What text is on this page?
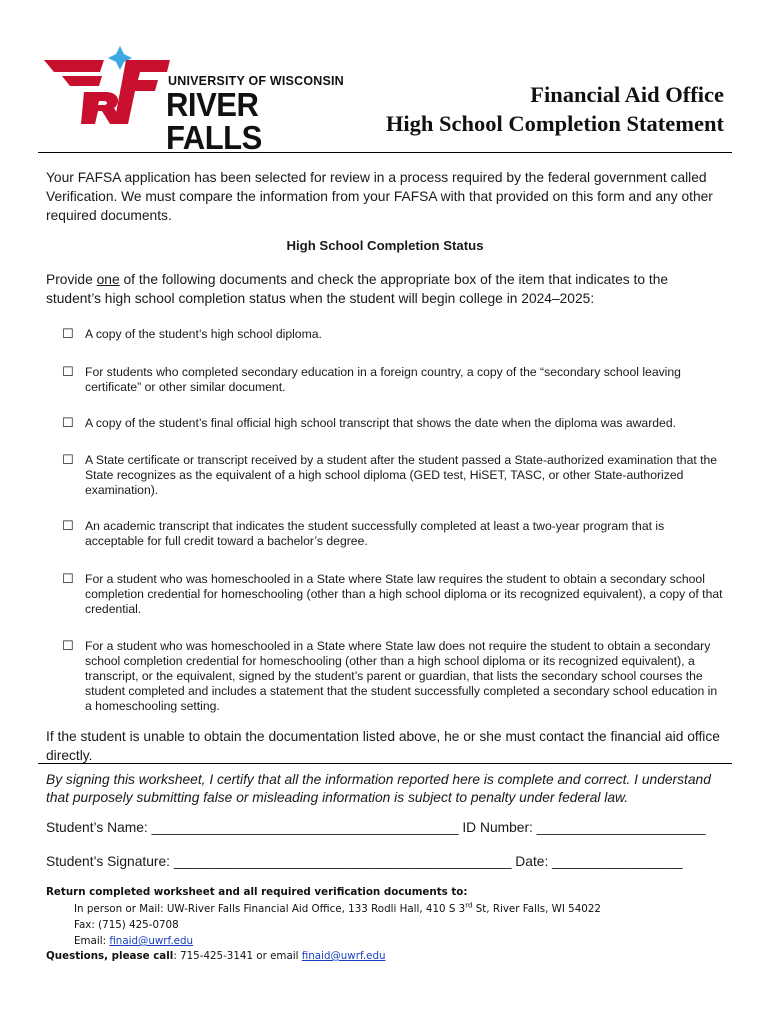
UNIVERSITY OF WISCONSIN
RIVER FALLS
Financial Aid Office
High School Completion Statement
Your FAFSA application has been selected for review in a process required by the federal government called Verification. We must compare the information from your FAFSA with that provided on this form and any other required documents.
High School Completion Status
Provide one of the following documents and check the appropriate box of the item that indicates to the student’s high school completion status when the student will begin college in 2024–2025:
☐ A copy of the student’s high school diploma.
☐ For students who completed secondary education in a foreign country, a copy of the “secondary school leaving certificate” or other similar document.
☐ A copy of the student’s final official high school transcript that shows the date when the diploma was awarded.
☐ A State certificate or transcript received by a student after the student passed a State-authorized examination that the State recognizes as the equivalent of a high school diploma (GED test, HiSET, TASC, or other State-authorized examination).
☐ An academic transcript that indicates the student successfully completed at least a two-year program that is acceptable for full credit toward a bachelor’s degree.
☐ For a student who was homeschooled in a State where State law requires the student to obtain a secondary school completion credential for homeschooling (other than a high school diploma or its recognized equivalent), a copy of that credential.
☐ For a student who was homeschooled in a State where State law does not require the student to obtain a secondary school completion credential for homeschooling (other than a high school diploma or its recognized equivalent), a transcript, or the equivalent, signed by the student’s parent or guardian, that lists the secondary school courses the student completed and includes a statement that the student successfully completed a secondary school education in a homeschooling setting.
If the student is unable to obtain the documentation listed above, he or she must contact the financial aid office directly.
By signing this worksheet, I certify that all the information reported here is complete and correct. I understand that purposely submitting false or misleading information is subject to penalty under federal law.
Student’s Name: ________________________________________ ID Number: ______________________
Student’s Signature: ____________________________________________ Date: _________________
Return completed worksheet and all required verification documents to:
In person or Mail: UW-River Falls Financial Aid Office, 133 Rodli Hall, 410 S 3rd St, River Falls, WI 54022
Fax: (715) 425-0708
Email: finaid@uwrf.edu
Questions, please call: 715-425-3141 or email finaid@uwrf.edu
